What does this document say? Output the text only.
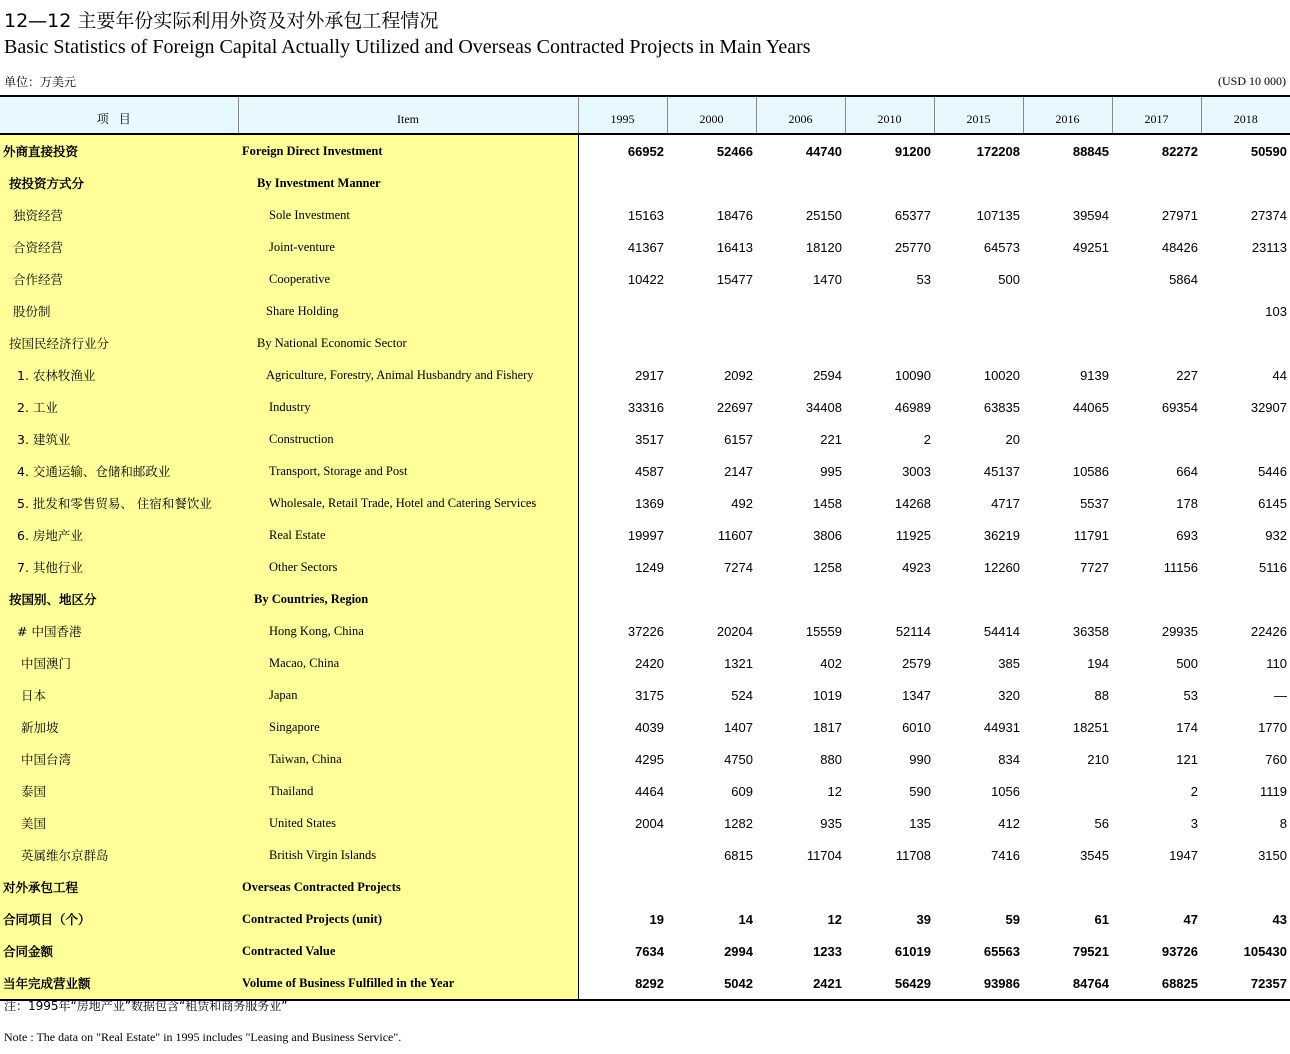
12—12 主要年份实际利用外资及对外承包工程情况
Basic Statistics of Foreign Capital Actually Utilized and Overseas Contracted Projects in Main Years
单位：万美元	(USD 10 000)
项目	Item	1995	2000	2006	2010	2015	2016	2017	2018
外商直接投资	Foreign Direct Investment	66952	52466	44740	91200	172208	88845	82272	50590
按投资方式分	By Investment Manner								
独资经营	Sole Investment	15163	18476	25150	65377	107135	39594	27971	27374
合资经营	Joint-venture	41367	16413	18120	25770	64573	49251	48426	23113
合作经营	Cooperative	10422	15477	1470	53	500		5864	
股份制	Share Holding								103
按国民经济行业分	By National Economic Sector								
1. 农林牧渔业	Agriculture, Forestry, Animal Husbandry and Fishery	2917	2092	2594	10090	10020	9139	227	44
2. 工业	Industry	33316	22697	34408	46989	63835	44065	69354	32907
3. 建筑业	Construction	3517	6157	221	2	20			
4. 交通运输、仓储和邮政业	Transport, Storage and Post	4587	2147	995	3003	45137	10586	664	5446
5. 批发和零售贸易、 住宿和餐饮业	Wholesale, Retail Trade, Hotel and Catering Services	1369	492	1458	14268	4717	5537	178	6145
6. 房地产业	Real Estate	19997	11607	3806	11925	36219	11791	693	932
7. 其他行业	Other Sectors	1249	7274	1258	4923	12260	7727	11156	5116
按国别、地区分	By Countries, Region								
# 中国香港	Hong Kong, China	37226	20204	15559	52114	54414	36358	29935	22426
中国澳门	Macao, China	2420	1321	402	2579	385	194	500	110
日本	Japan	3175	524	1019	1347	320	88	53	—
新加坡	Singapore	4039	1407	1817	6010	44931	18251	174	1770
中国台湾	Taiwan, China	4295	4750	880	990	834	210	121	760
泰国	Thailand	4464	609	12	590	1056		2	1119
美国	United States	2004	1282	935	135	412	56	3	8
英属维尔京群岛	British Virgin Islands		6815	11704	11708	7416	3545	1947	3150
对外承包工程	Overseas Contracted Projects								
合同项目（个）	Contracted Projects (unit)	19	14	12	39	59	61	47	43
合同金额	Contracted Value	7634	2994	1233	61019	65563	79521	93726	105430
当年完成营业额	Volume of Business Fulfilled in the Year	8292	5042	2421	56429	93986	84764	68825	72357
注：1995年“房地产业”数据包含“租赁和商务服务业”
Note : The data on "Real Estate" in 1995 includes "Leasing and Business Service".
